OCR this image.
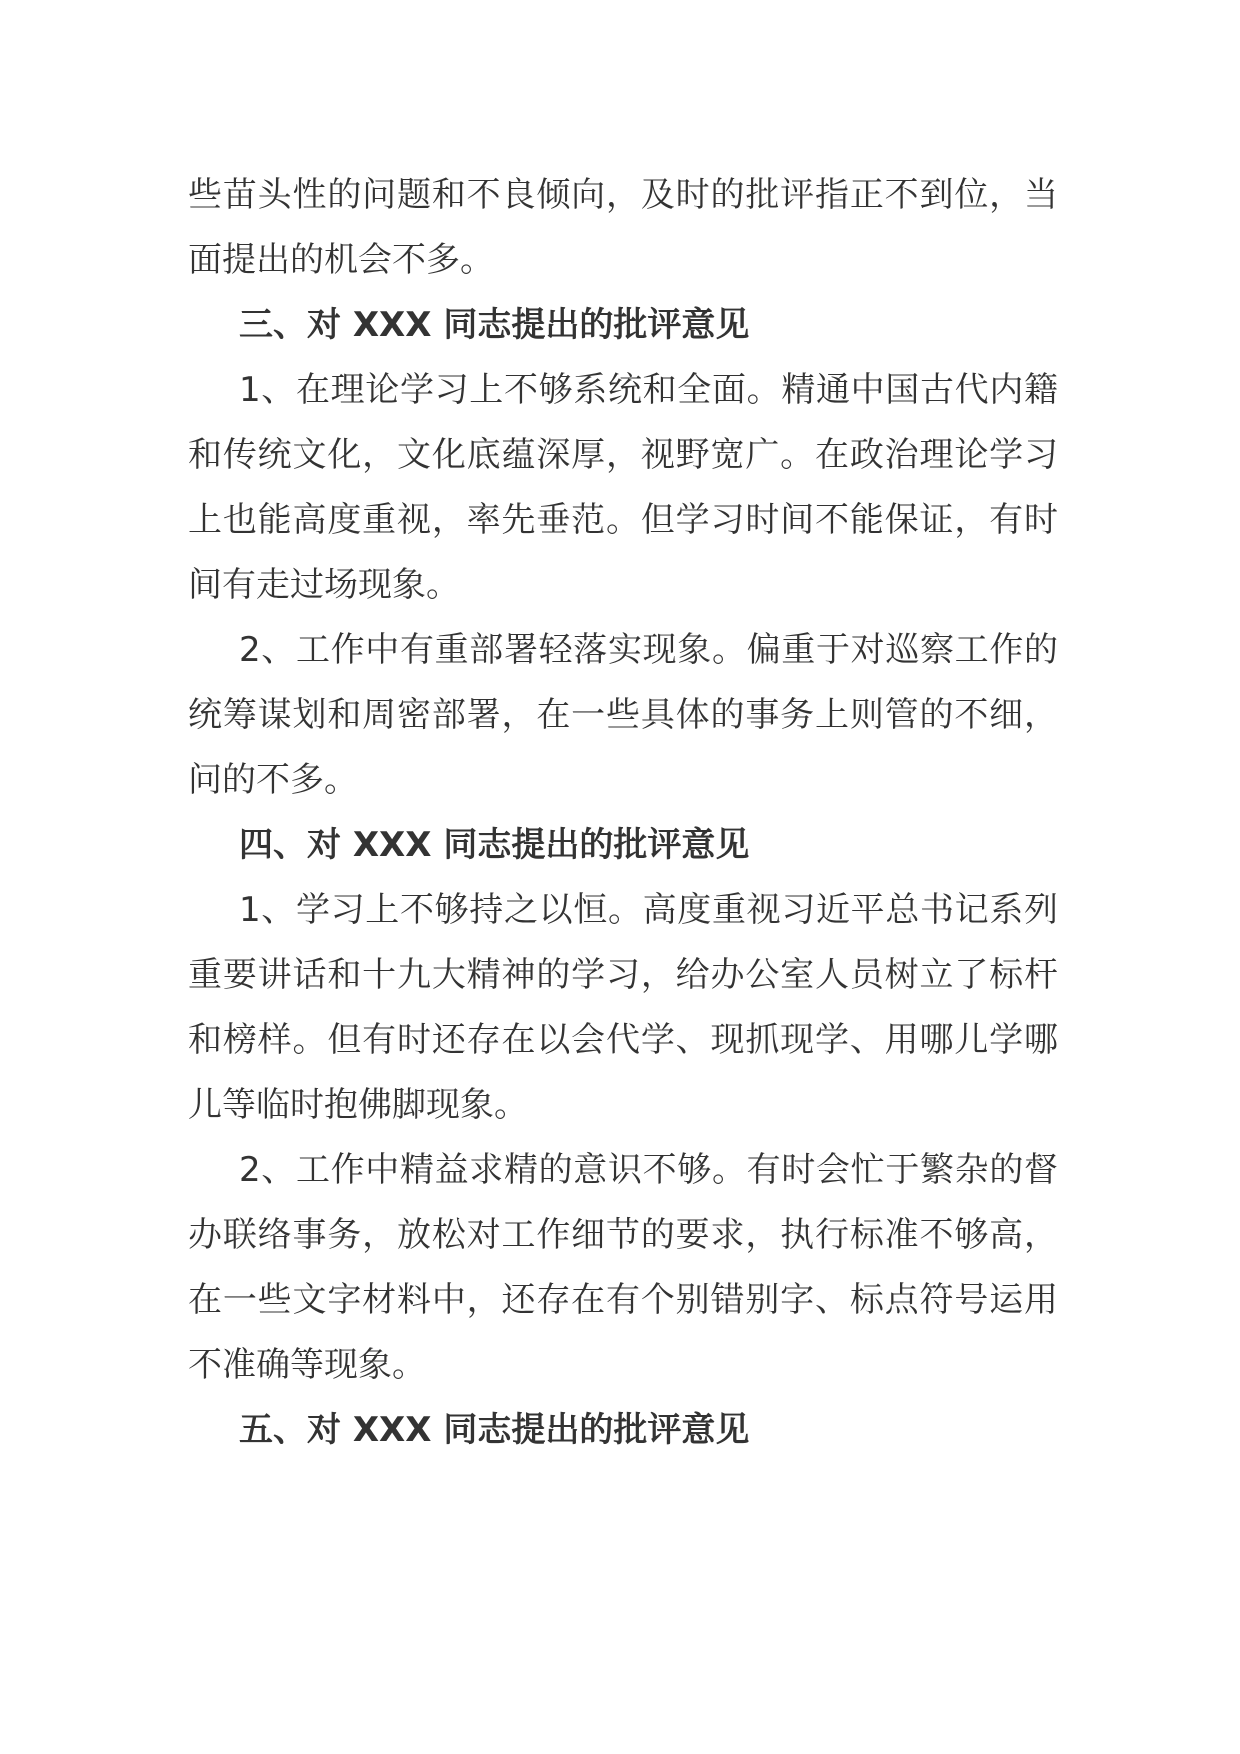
些苗头性的问题和不良倾向，及时的批评指正不到位，当
面提出的机会不多。
三、对 XXX 同志提出的批评意见
1、在理论学习上不够系统和全面。精通中国古代内籍
和传统文化，文化底蕴深厚，视野宽广。在政治理论学习
上也能高度重视，率先垂范。但学习时间不能保证，有时
间有走过场现象。
2、工作中有重部署轻落实现象。偏重于对巡察工作的
统筹谋划和周密部署，在一些具体的事务上则管的不细，
问的不多。
四、对 XXX 同志提出的批评意见
1、学习上不够持之以恒。高度重视习近平总书记系列
重要讲话和十九大精神的学习，给办公室人员树立了标杆
和榜样。但有时还存在以会代学、现抓现学、用哪儿学哪
儿等临时抱佛脚现象。
2、工作中精益求精的意识不够。有时会忙于繁杂的督
办联络事务，放松对工作细节的要求，执行标准不够高，
在一些文字材料中，还存在有个别错别字、标点符号运用
不准确等现象。
五、对 XXX 同志提出的批评意见
